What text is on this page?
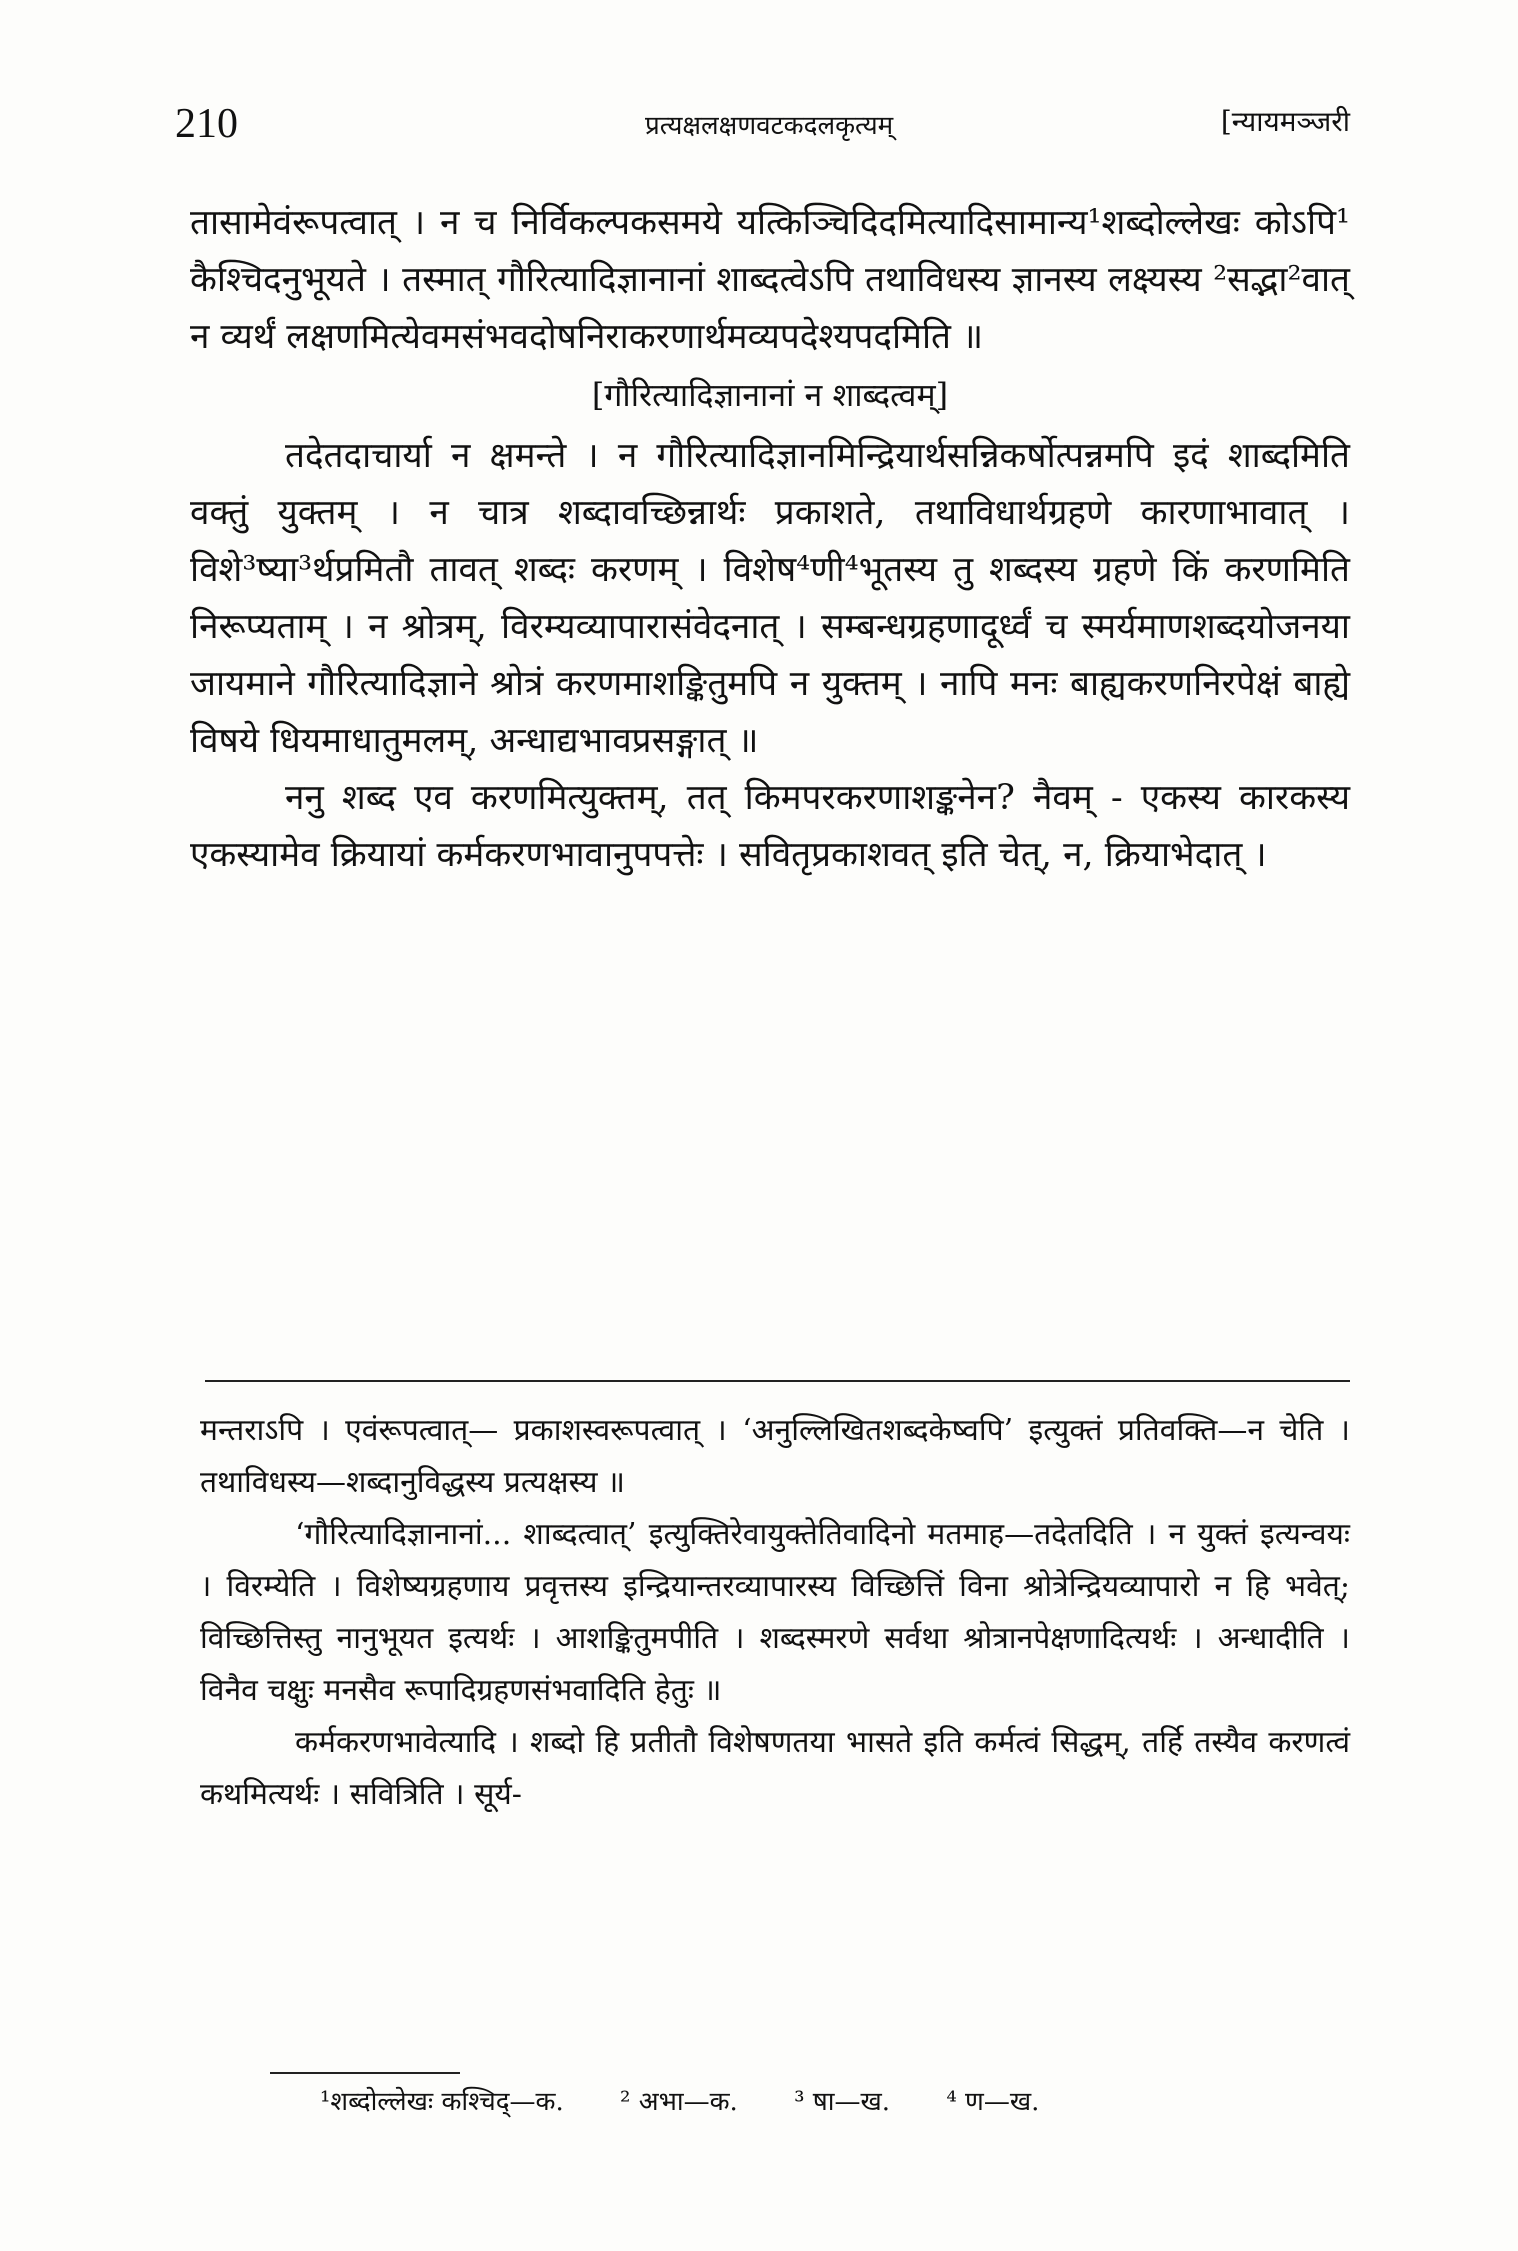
210	प्रत्यक्षलक्षणवटकदलकृत्यम्	[न्यायमञ्जरी

तासामेवंरूपत्वात् । न च निर्विकल्पकसमये यत्किञ्चिदिदमित्यादिसामान्य¹शब्दोल्लेखः कोऽपि¹ कैश्चिदनुभूयते । तस्मात् गौरित्यादिज्ञानानां शाब्दत्वेऽपि तथाविधस्य ज्ञानस्य लक्ष्यस्य ²सद्भा²वात् न व्यर्थं लक्षणमित्येवमसंभवदोषनिराकरणार्थमव्यपदेश्यपदमिति ॥

[गौरित्यादिज्ञानानां न शाब्दत्वम्]

तदेतदाचार्या न क्षमन्ते । न गौरित्यादिज्ञानमिन्द्रियार्थसन्निकर्षोत्पन्नमपि इदं शाब्दमिति वक्तुं युक्तम् । न चात्र शब्दावच्छिन्नार्थः प्रकाशते, तथाविधार्थग्रहणे कारणाभावात् । विशे³ष्या³र्थप्रमितौ तावत् शब्दः करणम् । विशेष⁴णी⁴भूतस्य तु शब्दस्य ग्रहणे किं करणमिति निरूप्यताम् । न श्रोत्रम्, विरम्यव्यापारासंवेदनात् । सम्बन्धग्रहणादूर्ध्वं च स्मर्यमाणशब्दयोजनया जायमाने गौरित्यादिज्ञाने श्रोत्रं करणमाशङ्कितुमपि न युक्तम् । नापि मनः बाह्यकरणनिरपेक्षं बाह्ये विषये धियमाधातुमलम्, अन्धाद्यभावप्रसङ्गात् ॥

ननु शब्द एव करणमित्युक्तम्, तत् किमपरकरणाशङ्कनेन? नैवम् - एकस्य कारकस्य एकस्यामेव क्रियायां कर्मकरणभावानुपपत्तेः । सवितृप्रकाशवत् इति चेत्, न, क्रियाभेदात् ।

मन्तराऽपि । एवंरूपत्वात्— प्रकाशस्वरूपत्वात् । ‘अनुल्लिखितशब्दकेष्वपि’ इत्युक्तं प्रतिवक्ति—न चेति । तथाविधस्य—शब्दानुविद्धस्य प्रत्यक्षस्य ॥

‘गौरित्यादिज्ञानानां... शाब्दत्वात्’ इत्युक्तिरेवायुक्तेतिवादिनो मतमाह—तदेतदिति । न युक्तं इत्यन्वयः । विरम्येति । विशेष्यग्रहणाय प्रवृत्तस्य इन्द्रियान्तरव्यापारस्य विच्छित्तिं विना श्रोत्रेन्द्रियव्यापारो न हि भवेत्; विच्छित्तिस्तु नानुभूयत इत्यर्थः । आशङ्कितुमपीति । शब्दस्मरणे सर्वथा श्रोत्रानपेक्षणादित्यर्थः । अन्धादीति । विनैव चक्षुः मनसैव रूपादिग्रहणसंभवादिति हेतुः ॥

कर्मकरणभावेत्यादि । शब्दो हि प्रतीतौ विशेषणतया भासते इति कर्मत्वं सिद्धम्, तर्हि तस्यैव करणत्वं कथमित्यर्थः । सवित्रिति । सूर्य-

¹शब्दोल्लेखः कश्चिद्—क. ² अभा—क. ³ षा—ख. ⁴ ण—ख.
